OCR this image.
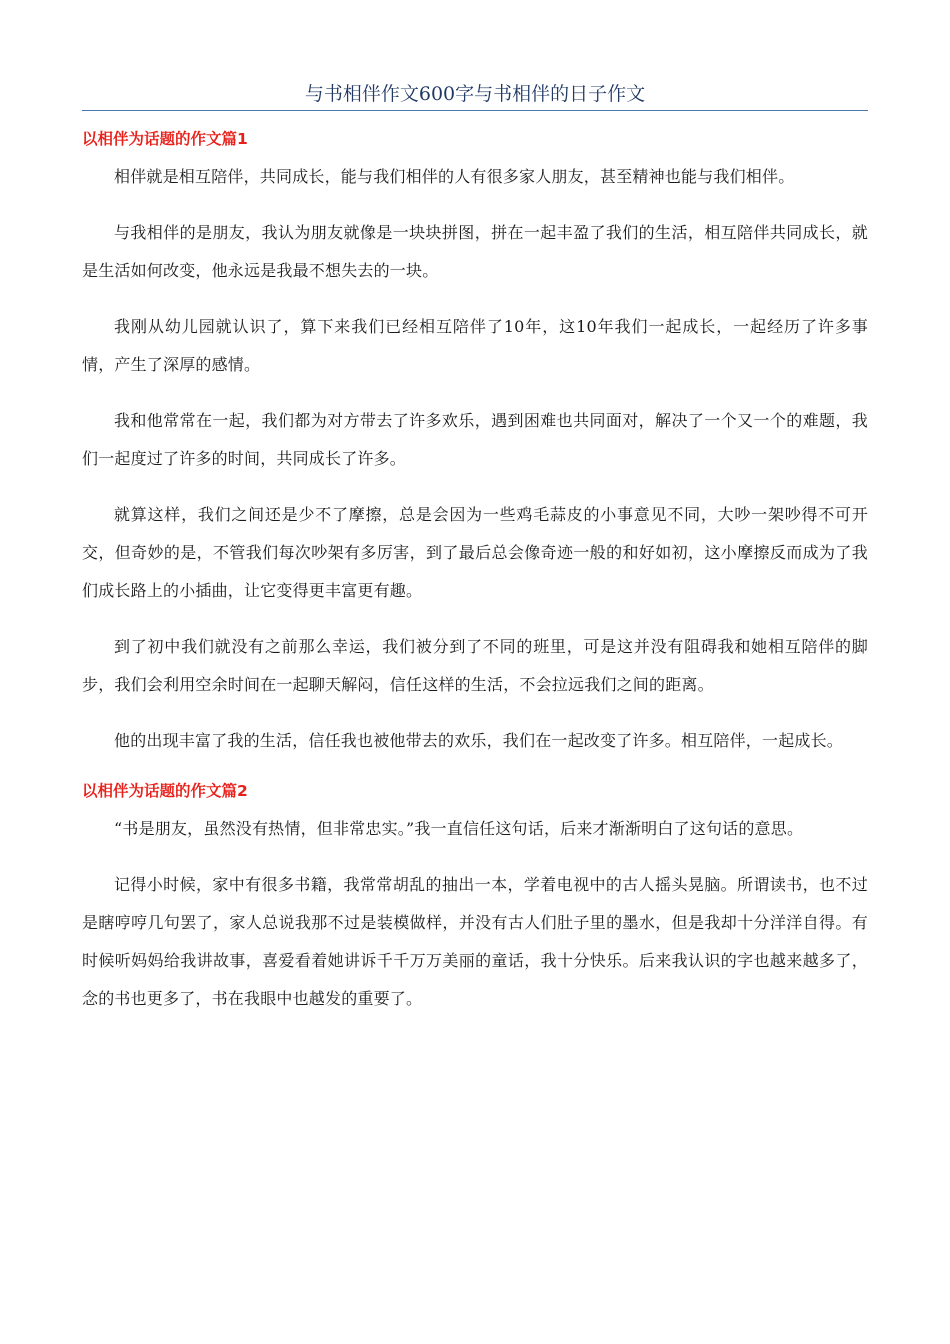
与书相伴作文600字与书相伴的日子作文
以相伴为话题的作文篇1

相伴就是相互陪伴，共同成长，能与我们相伴的人有很多家人朋友，甚至精神也能与我们相伴。

与我相伴的是朋友，我认为朋友就像是一块块拼图，拼在一起丰盈了我们的生活，相互陪伴共同成长，就是生活如何改变，他永远是我最不想失去的一块。

我刚从幼儿园就认识了，算下来我们已经相互陪伴了10年，这10年我们一起成长，一起经历了许多事情，产生了深厚的感情。

我和他常常在一起，我们都为对方带去了许多欢乐，遇到困难也共同面对，解决了一个又一个的难题，我们一起度过了许多的时间，共同成长了许多。

就算这样，我们之间还是少不了摩擦，总是会因为一些鸡毛蒜皮的小事意见不同，大吵一架吵得不可开交，但奇妙的是，不管我们每次吵架有多厉害，到了最后总会像奇迹一般的和好如初，这小摩擦反而成为了我们成长路上的小插曲，让它变得更丰富更有趣。

到了初中我们就没有之前那么幸运，我们被分到了不同的班里，可是这并没有阻碍我和她相互陪伴的脚步，我们会利用空余时间在一起聊天解闷，信任这样的生活，不会拉远我们之间的距离。

他的出现丰富了我的生活，信任我也被他带去的欢乐，我们在一起改变了许多。相互陪伴，一起成长。

以相伴为话题的作文篇2

“书是朋友，虽然没有热情，但非常忠实。”我一直信任这句话，后来才渐渐明白了这句话的意思。

记得小时候，家中有很多书籍，我常常胡乱的抽出一本，学着电视中的古人摇头晃脑。所谓读书，也不过是瞎哼哼几句罢了，家人总说我那不过是装模做样，并没有古人们肚子里的墨水，但是我却十分洋洋自得。有时候听妈妈给我讲故事，喜爱看着她讲诉千千万万美丽的童话，我十分快乐。后来我认识的字也越来越多了，念的书也更多了，书在我眼中也越发的重要了。
